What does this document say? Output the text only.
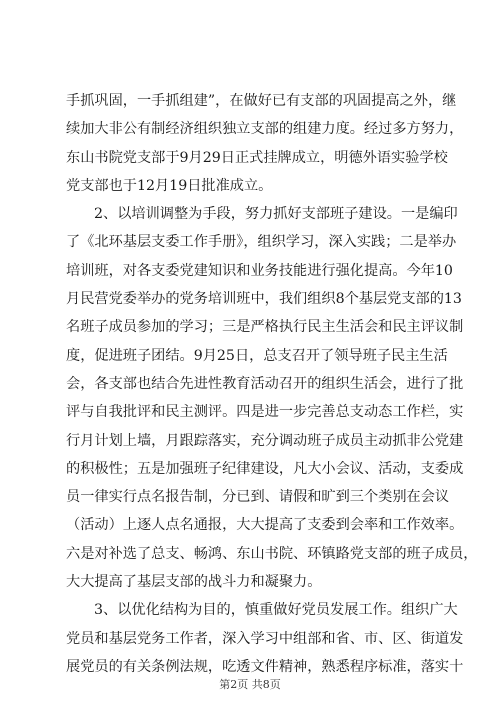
手抓巩固，一手抓组建”，在做好已有支部的巩固提高之外，继
续加大非公有制经济组织独立支部的组建力度。经过多方努力，
东山书院党支部于9月29日正式挂牌成立，明德外语实验学校
党支部也于12月19日批准成立。
2、以培训调整为手段，努力抓好支部班子建设。一是编印
了《北环基层支委工作手册》，组织学习，深入实践；二是举办
培训班，对各支委党建知识和业务技能进行强化提高。今年10
月民营党委举办的党务培训班中，我们组织8个基层党支部的13
名班子成员参加的学习；三是严格执行民主生活会和民主评议制
度，促进班子团结。9月25日，总支召开了领导班子民主生活
会，各支部也结合先进性教育活动召开的组织生活会，进行了批
评与自我批评和民主测评。四是进一步完善总支动态工作栏，实
行月计划上墙，月跟踪落实，充分调动班子成员主动抓非公党建
的积极性；五是加强班子纪律建设，凡大小会议、活动，支委成
员一律实行点名报告制，分已到、请假和旷到三个类别在会议
（活动）上逐人点名通报，大大提高了支委到会率和工作效率。
六是对补选了总支、畅鸿、东山书院、环镇路党支部的班子成员，
大大提高了基层支部的战斗力和凝聚力。
3、以优化结构为目的，慎重做好党员发展工作。组织广大
党员和基层党务工作者，深入学习中组部和省、市、区、街道发
展党员的有关条例法规，吃透文件精神，熟悉程序标准，落实十
第2页 共8页
